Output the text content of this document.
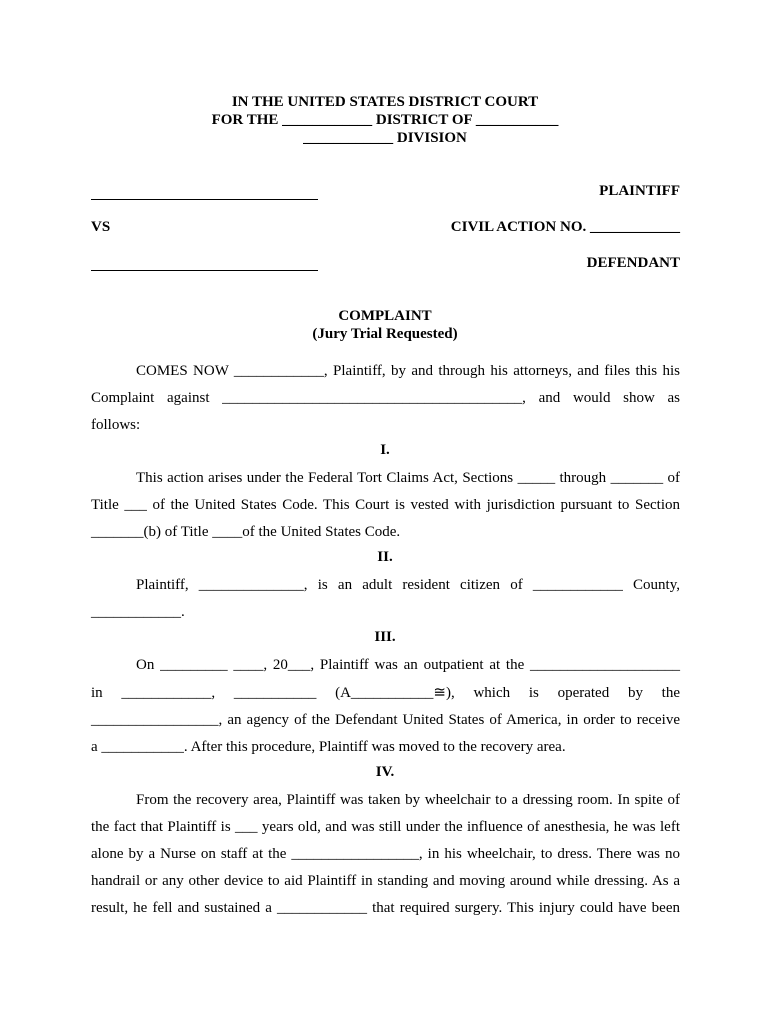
IN THE UNITED STATES DISTRICT COURT
FOR THE ____________ DISTRICT OF ___________
____________ DIVISION
PLAINTIFF
VS	CIVIL ACTION NO. ____________
DEFENDANT
COMPLAINT
(Jury Trial Requested)
COMES NOW ____________, Plaintiff, by and through his attorneys, and files this his
Complaint against ________________________________________, and would show as
follows:
I.
This action arises under the Federal Tort Claims Act, Sections _____ through _______ of
Title ___ of the United States Code. This Court is vested with jurisdiction pursuant to Section
_______(b) of Title ____of the United States Code.
II.
Plaintiff, ______________, is an adult resident citizen of ____________ County,
____________.
III.
On _________ ____, 20___, Plaintiff was an outpatient at the ____________________
in ____________, ___________ (A___________≅), which is operated by the
_________________, an agency of the Defendant United States of America, in order to receive
a ___________. After this procedure, Plaintiff was moved to the recovery area.
IV.
From the recovery area, Plaintiff was taken by wheelchair to a dressing room. In spite of
the fact that Plaintiff is ___ years old, and was still under the influence of anesthesia, he was left
alone by a Nurse on staff at the _________________, in his wheelchair, to dress. There was no
handrail or any other device to aid Plaintiff in standing and moving around while dressing. As a
result, he fell and sustained a ____________ that required surgery. This injury could have been
